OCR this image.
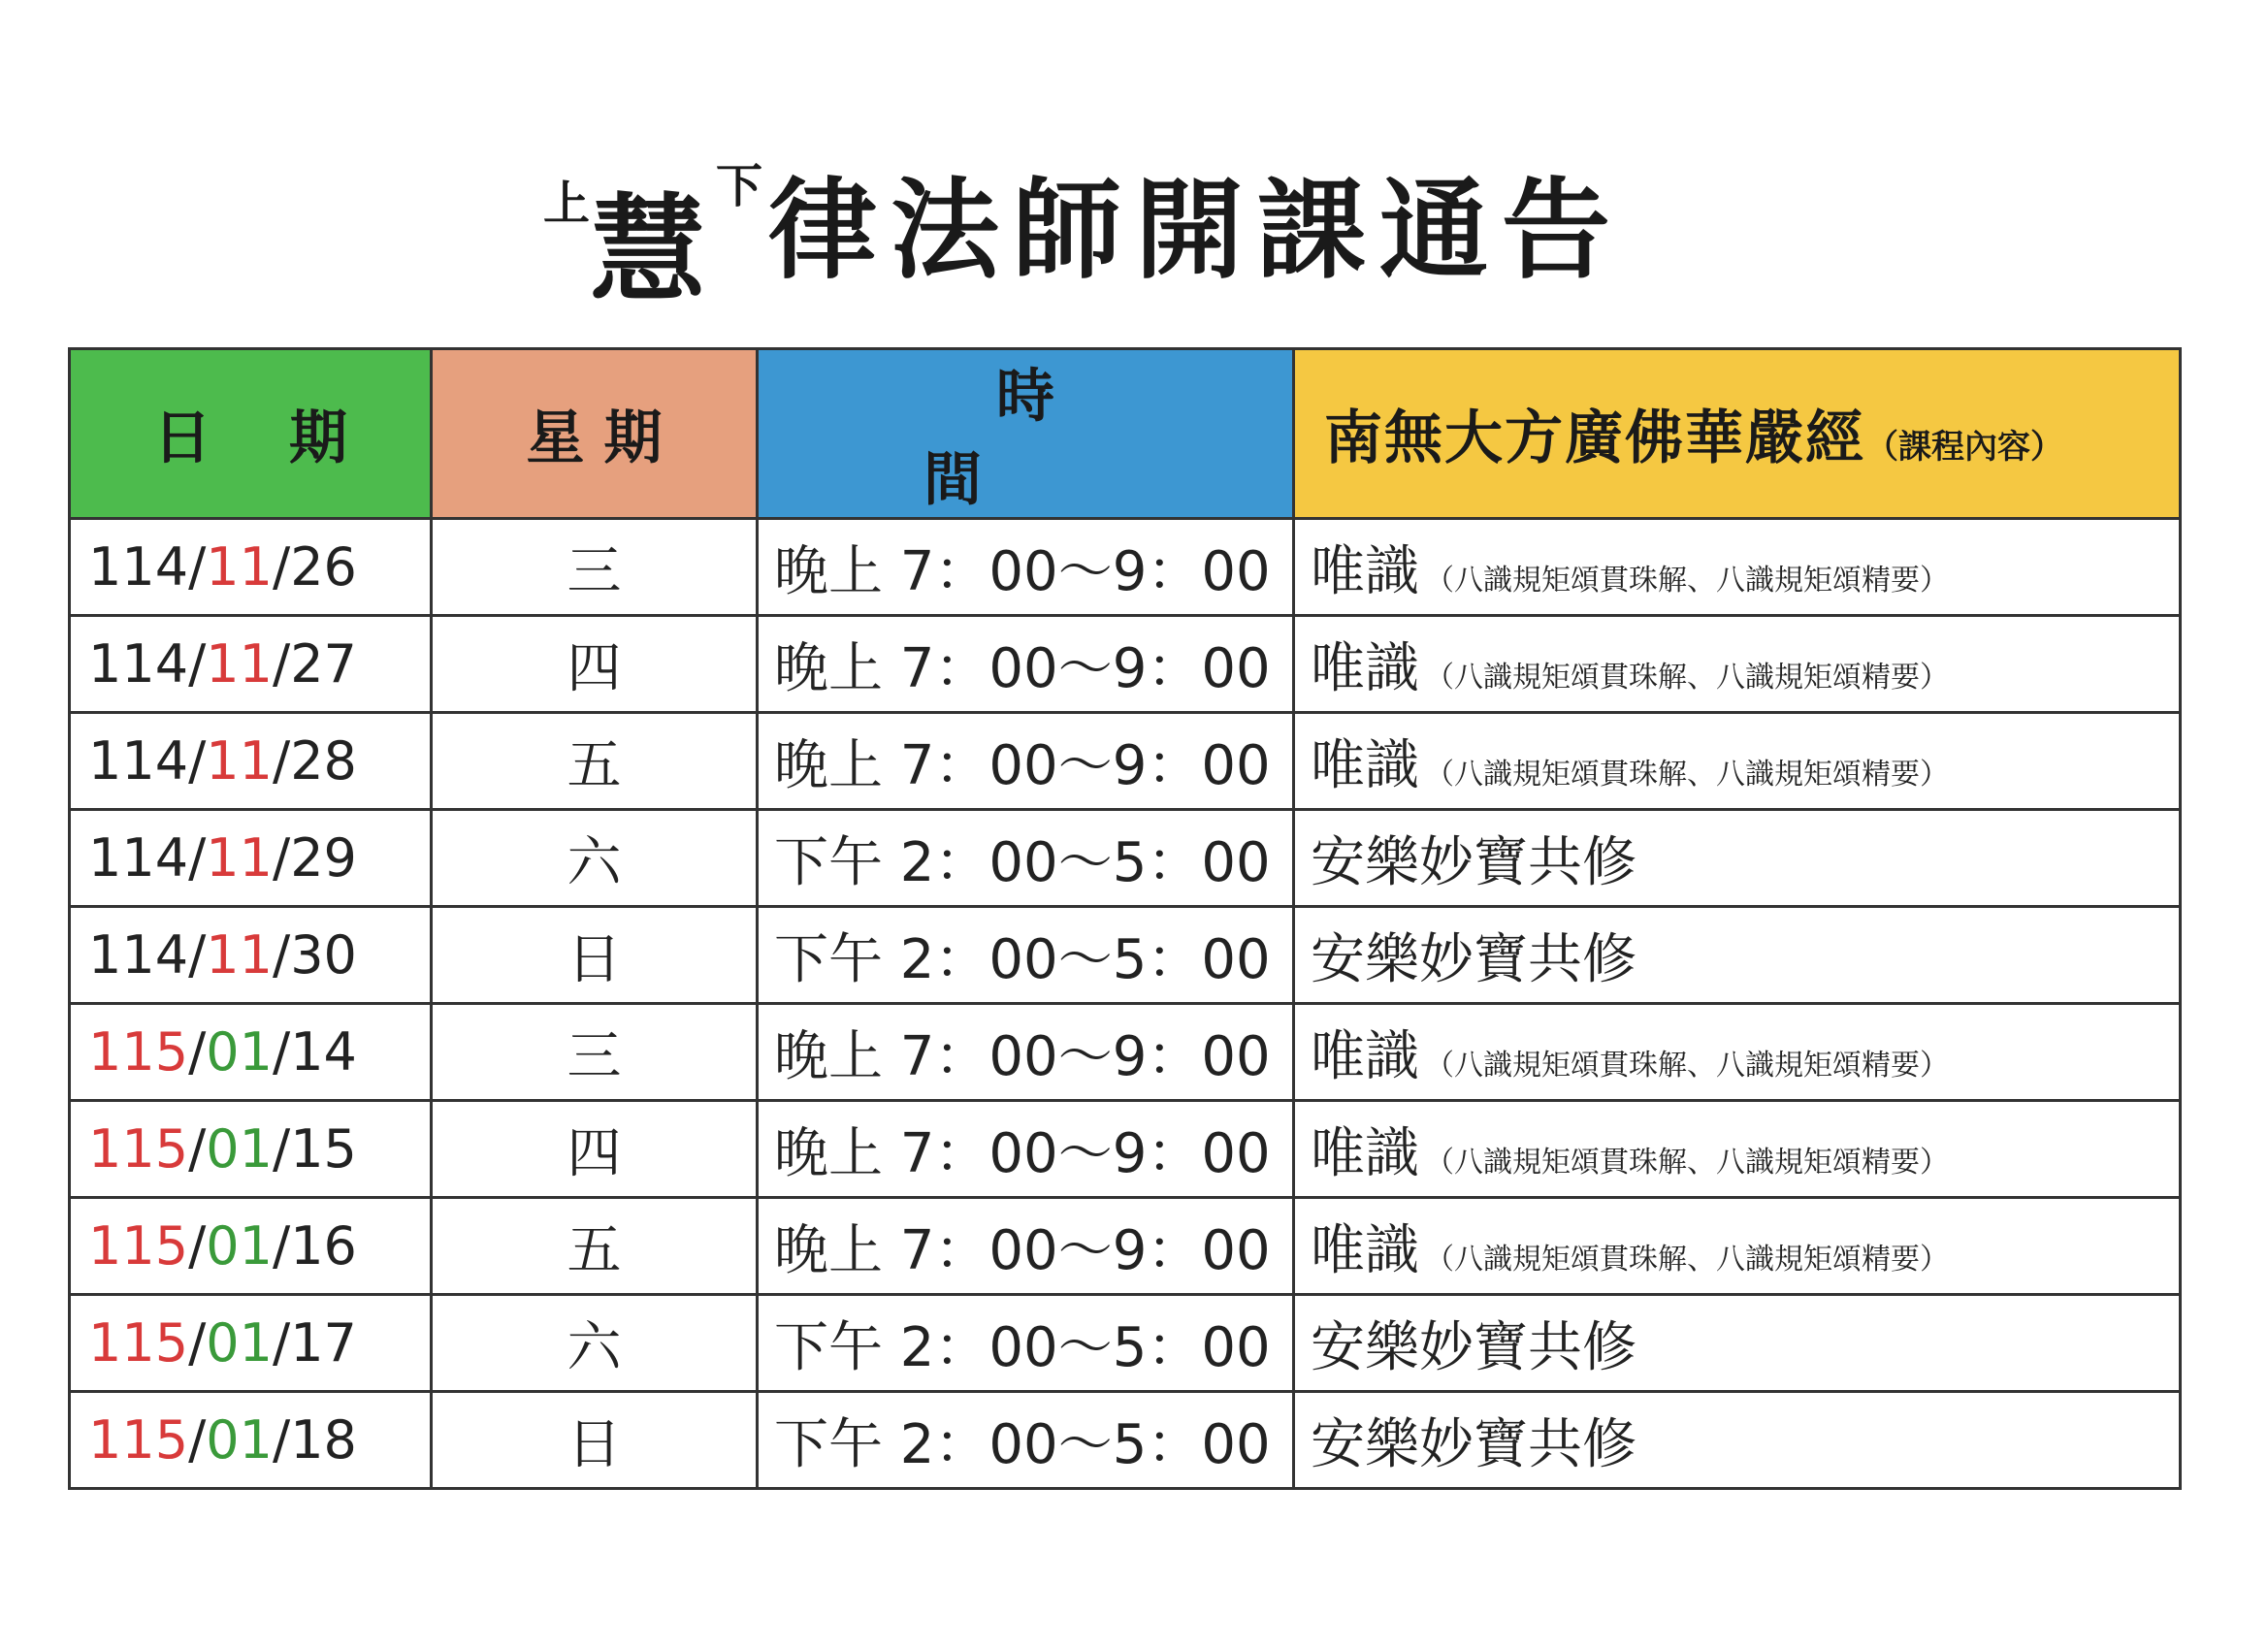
上 慧 下 律法師開課通告
日期	星期	時間	南無大方廣佛華嚴經（課程內容）
114/11/26	三	晚上 7：00～9：00	唯識 （八識規矩頌貫珠解、八識規矩頌精要）
114/11/27	四	晚上 7：00～9：00	唯識 （八識規矩頌貫珠解、八識規矩頌精要）
114/11/28	五	晚上 7：00～9：00	唯識 （八識規矩頌貫珠解、八識規矩頌精要）
114/11/29	六	下午 2：00～5：00	安樂妙寶共修
114/11/30	日	下午 2：00～5：00	安樂妙寶共修
115/01/14	三	晚上 7：00～9：00	唯識 （八識規矩頌貫珠解、八識規矩頌精要）
115/01/15	四	晚上 7：00～9：00	唯識 （八識規矩頌貫珠解、八識規矩頌精要）
115/01/16	五	晚上 7：00～9：00	唯識 （八識規矩頌貫珠解、八識規矩頌精要）
115/01/17	六	下午 2：00～5：00	安樂妙寶共修
115/01/18	日	下午 2：00～5：00	安樂妙寶共修
